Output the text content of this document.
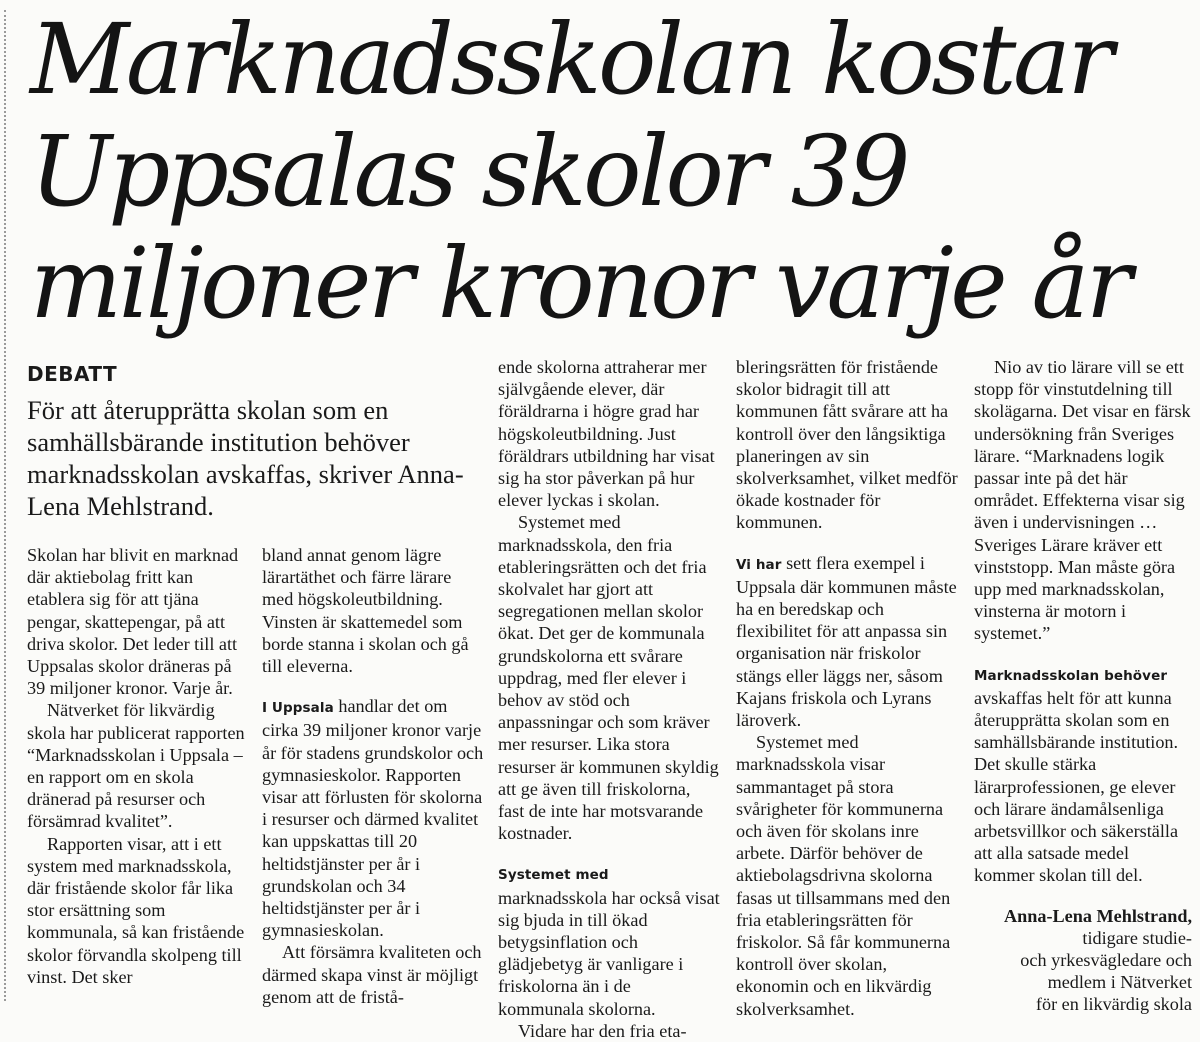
Marknadsskolan kostar
Uppsalas skolor 39
miljoner kronor varje år
DEBATT

För att återupprätta skolan som en samhällsbärande institution behöver marknadsskolan avskaffas, skriver Anna-Lena Mehlstrand.

Skolan har blivit en marknad där aktiebolag fritt kan etablera sig för att tjäna pengar, skattepengar, på att driva skolor. Det leder till att Uppsalas skolor dräneras på 39 miljoner kronor. Varje år.

Nätverket för likvärdig skola har publicerat rapporten “Marknadsskolan i Uppsala – en rapport om en skola dränerad på resurser och försämrad kvalitet”.

Rapporten visar, att i ett system med marknadsskola, där fristående skolor får lika stor ersättning som kommunala, så kan fristående skolor förvandla skolpeng till vinst. Det sker

bland annat genom lägre lärartäthet och färre lärare med högskoleutbildning. Vinsten är skattemedel som borde stanna i skolan och gå till eleverna.

I Uppsala handlar det om cirka 39 miljoner kronor varje år för stadens grundskolor och gymnasieskolor. Rapporten visar att förlusten för skolorna i resurser och därmed kvalitet kan uppskattas till 20 heltidstjänster per år i grundskolan och 34 heltidstjänster per år i gymnasieskolan.

Att försämra kvaliteten och därmed skapa vinst är möjligt genom att de fristå-

ende skolorna attraherar mer självgående elever, där föräldrarna i högre grad har högskoleutbildning. Just föräldrars utbildning har visat sig ha stor påverkan på hur elever lyckas i skolan.

Systemet med marknadsskola, den fria etableringsrätten och det fria skolvalet har gjort att segregationen mellan skolor ökat. Det ger de kommunala grundskolorna ett svårare uppdrag, med fler elever i behov av stöd och anpassningar och som kräver mer resurser. Lika stora resurser är kommunen skyldig att ge även till friskolorna, fast de inte har motsvarande kostnader.

Systemet med marknadsskola har också visat sig bjuda in till ökad betygsinflation och glädjebetyg är vanligare i friskolorna än i de kommunala skolorna.

Vidare har den fria eta-

bleringsrätten för fristående skolor bidragit till att kommunen fått svårare att ha kontroll över den långsiktiga planeringen av sin skolverksamhet, vilket medför ökade kostnader för kommunen.

Vi har sett flera exempel i Uppsala där kommunen måste ha en beredskap och flexibilitet för att anpassa sin organisation när friskolor stängs eller läggs ner, såsom Kajans friskola och Lyrans läroverk.

Systemet med marknadsskola visar sammantaget på stora svårigheter för kommunerna och även för skolans inre arbete. Därför behöver de aktiebolagsdrivna skolorna fasas ut tillsammans med den fria etableringsrätten för friskolor. Så får kommunerna kontroll över skolan, ekonomin och en likvärdig skolverksamhet.

Nio av tio lärare vill se ett stopp för vinstutdelning till skolägarna. Det visar en färsk undersökning från Sveriges lärare. “Marknadens logik passar inte på det här området. Effekterna visar sig även i undervisningen … Sveriges Lärare kräver ett vinststopp. Man måste göra upp med marknadsskolan, vinsterna är motorn i systemet.”

Marknadsskolan behöver avskaffas helt för att kunna återupprätta skolan som en samhällsbärande institution. Det skulle stärka lärarprofessionen, ge elever och lärare ändamålsenliga arbetsvillkor och säkerställa att alla satsade medel kommer skolan till del.

Anna-Lena Mehlstrand,
tidigare studie-
och yrkesvägledare och
medlem i Nätverket
för en likvärdig skola
